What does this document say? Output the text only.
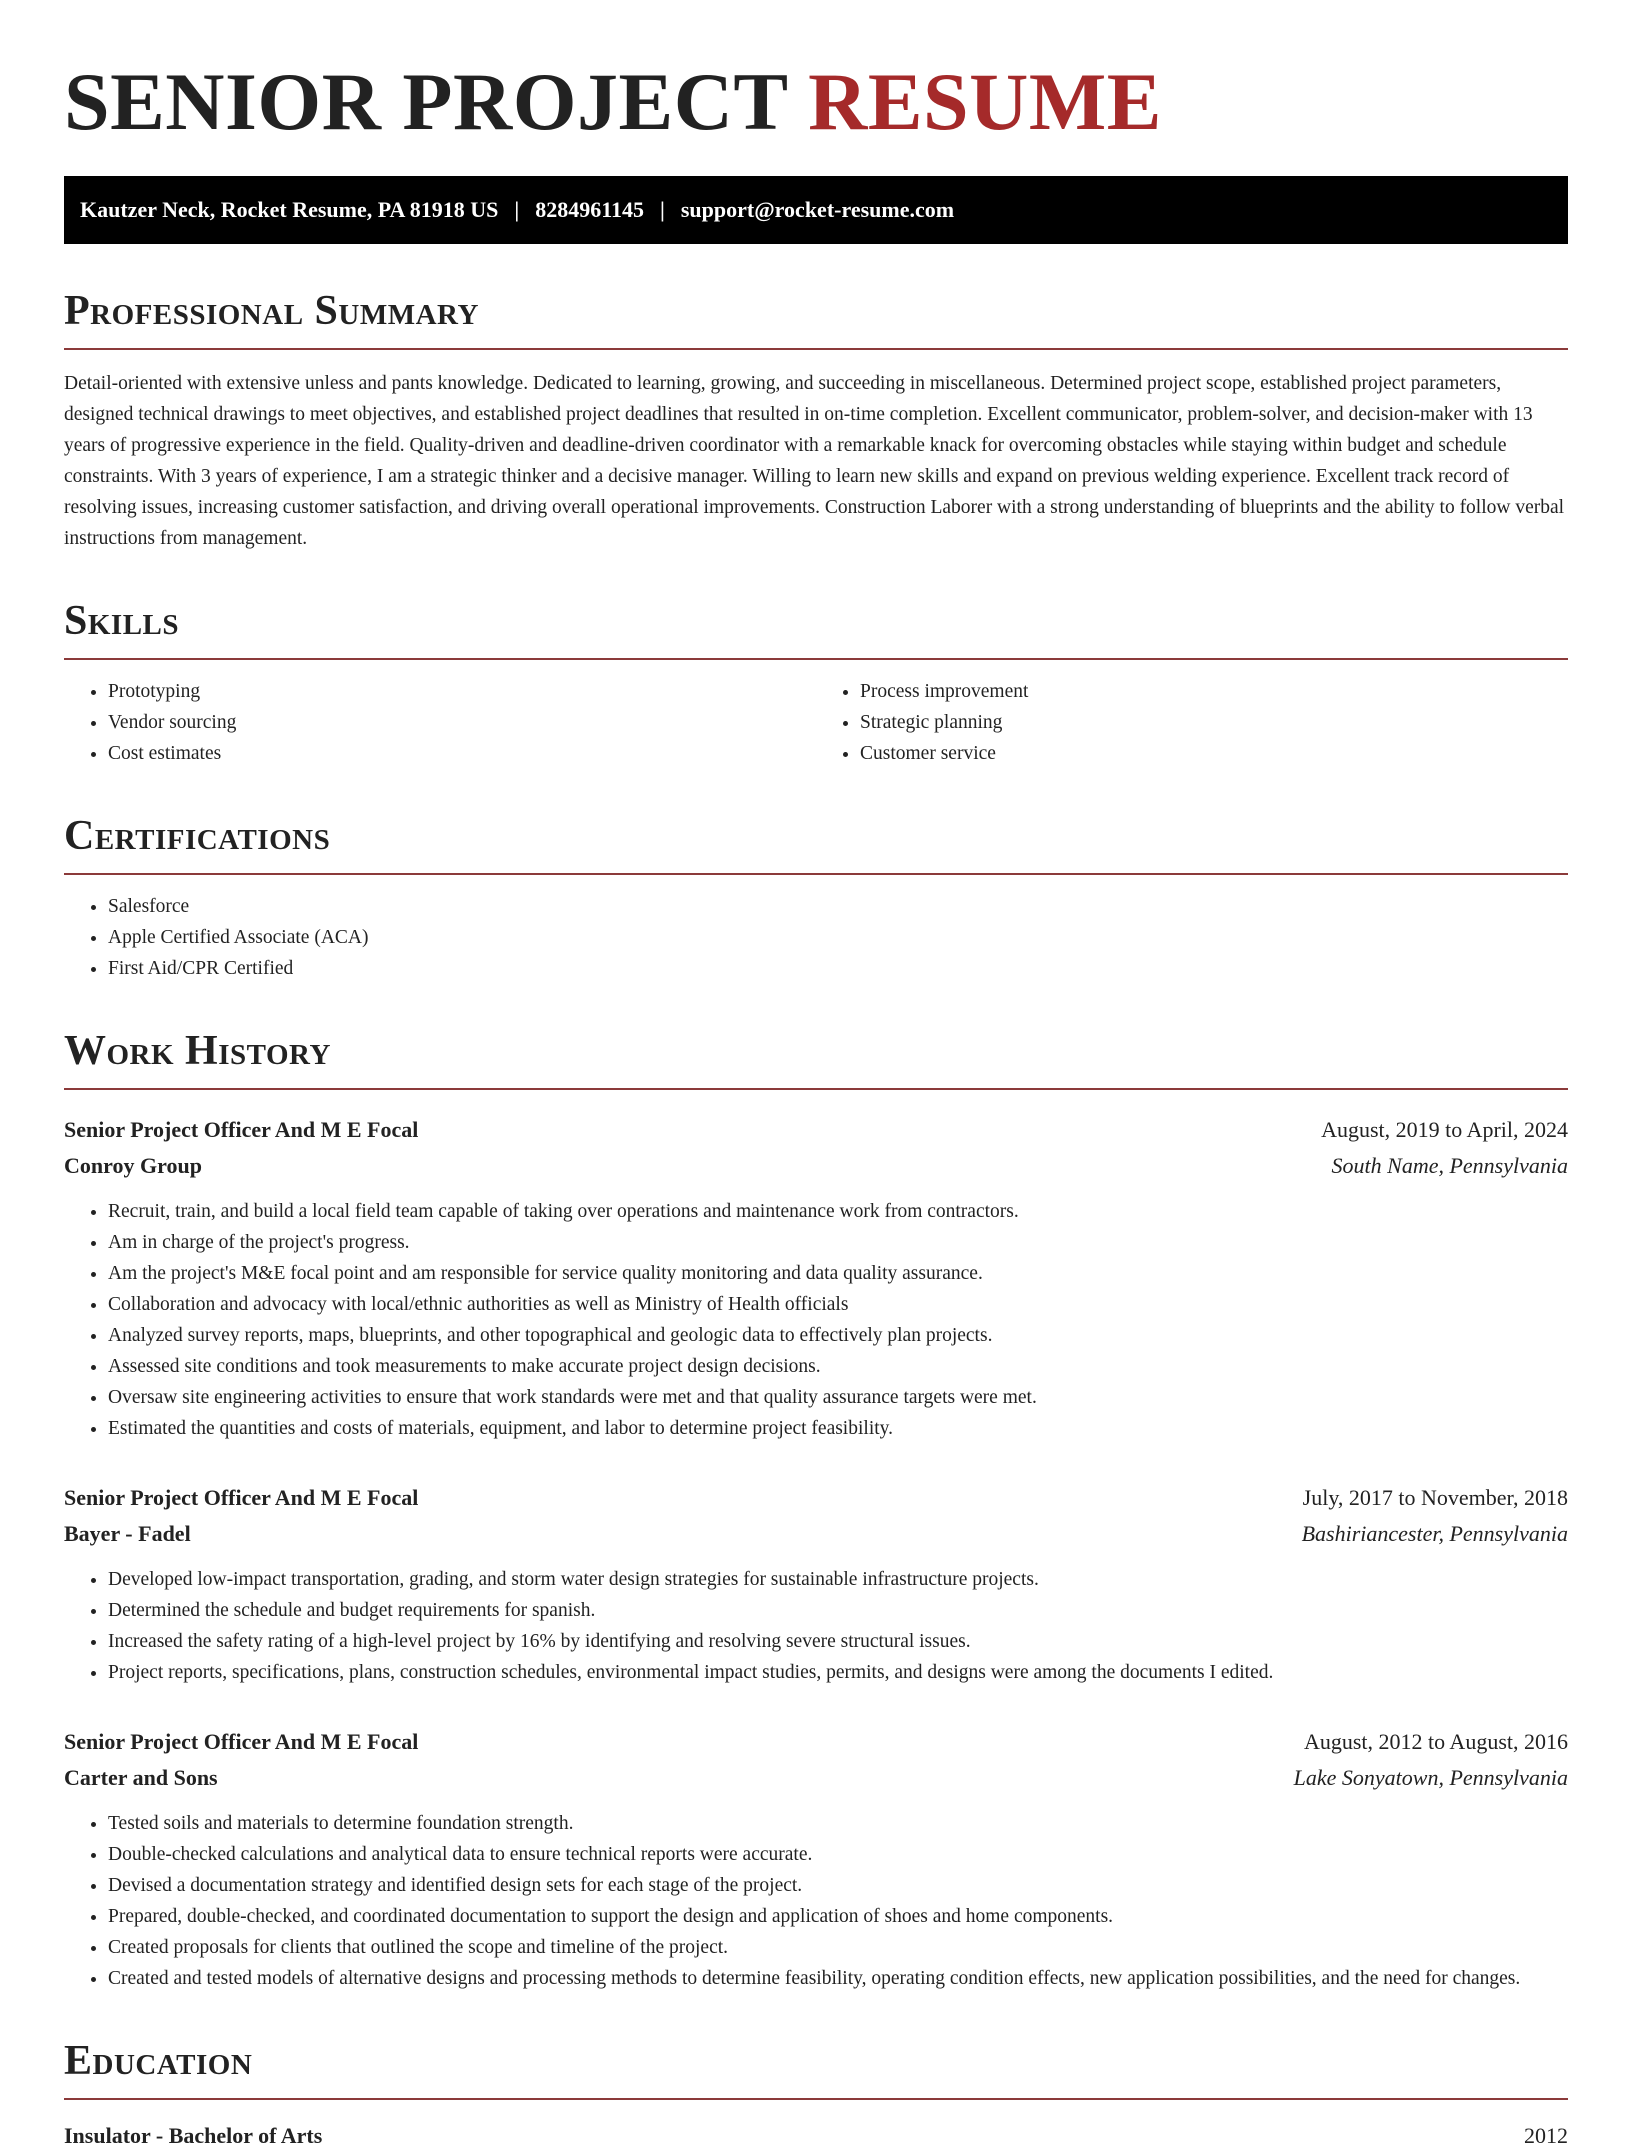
SENIOR PROJECT RESUME
Kautzer Neck, Rocket Resume, PA 81918 US | 8284961145 | support@rocket-resume.com
Professional Summary

Detail-oriented with extensive unless and pants knowledge. Dedicated to learning, growing, and succeeding in miscellaneous. Determined project scope, established project parameters, designed technical drawings to meet objectives, and established project deadlines that resulted in on-time completion. Excellent communicator, problem-solver, and decision-maker with 13 years of progressive experience in the field. Quality-driven and deadline-driven coordinator with a remarkable knack for overcoming obstacles while staying within budget and schedule constraints. With 3 years of experience, I am a strategic thinker and a decisive manager. Willing to learn new skills and expand on previous welding experience. Excellent track record of resolving issues, increasing customer satisfaction, and driving overall operational improvements. Construction Laborer with a strong understanding of blueprints and the ability to follow verbal instructions from management.

Skills
• Prototyping
• Vendor sourcing
• Cost estimates
• Process improvement
• Strategic planning
• Customer service
Certifications
• Salesforce
• Apple Certified Associate (ACA)
• First Aid/CPR Certified
Work History
Senior Project Officer And M E Focal	August, 2019 to April, 2024
Conroy Group	South Name, Pennsylvania
• Recruit, train, and build a local field team capable of taking over operations and maintenance work from contractors.
• Am in charge of the project's progress.
• Am the project's M&E focal point and am responsible for service quality monitoring and data quality assurance.
• Collaboration and advocacy with local/ethnic authorities as well as Ministry of Health officials
• Analyzed survey reports, maps, blueprints, and other topographical and geologic data to effectively plan projects.
• Assessed site conditions and took measurements to make accurate project design decisions.
• Oversaw site engineering activities to ensure that work standards were met and that quality assurance targets were met.
• Estimated the quantities and costs of materials, equipment, and labor to determine project feasibility.
Senior Project Officer And M E Focal	July, 2017 to November, 2018
Bayer - Fadel	Bashiriancester, Pennsylvania
• Developed low-impact transportation, grading, and storm water design strategies for sustainable infrastructure projects.
• Determined the schedule and budget requirements for spanish.
• Increased the safety rating of a high-level project by 16% by identifying and resolving severe structural issues.
• Project reports, specifications, plans, construction schedules, environmental impact studies, permits, and designs were among the documents I edited.
Senior Project Officer And M E Focal	August, 2012 to August, 2016
Carter and Sons	Lake Sonyatown, Pennsylvania
• Tested soils and materials to determine foundation strength.
• Double-checked calculations and analytical data to ensure technical reports were accurate.
• Devised a documentation strategy and identified design sets for each stage of the project.
• Prepared, double-checked, and coordinated documentation to support the design and application of shoes and home components.
• Created proposals for clients that outlined the scope and timeline of the project.
• Created and tested models of alternative designs and processing methods to determine feasibility, operating condition effects, new application possibilities, and the need for changes.
Education
Insulator - Bachelor of Arts	2012
